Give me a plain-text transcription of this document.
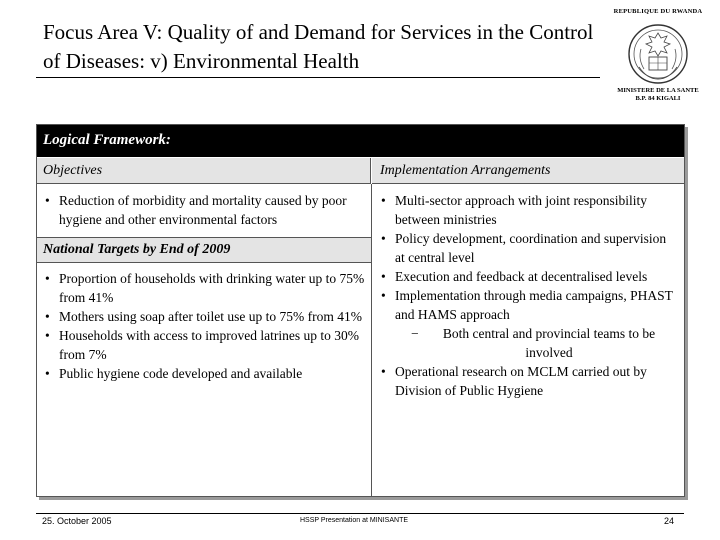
Focus Area V: Quality of and Demand for Services in the Control of Diseases: v) Environmental Health
REPUBLIQUE DU RWANDA
MINISTERE DE LA SANTE
B.P. 84 KIGALI
Logical Framework:
Objectives	Implementation Arrangements
• Reduction of morbidity and mortality caused by poor hygiene and other environmental factors
National Targets by End of 2009
• Proportion of households with drinking water up to 75% from 41%
• Mothers using soap after toilet use up to 75% from 41%
• Households with access to improved latrines up to 30% from 7%
• Public hygiene code developed and available
• Multi-sector approach with joint responsibility between ministries
• Policy development, coordination and supervision at central level
• Execution and feedback at decentralised levels
• Implementation through media campaigns, PHAST and HAMS approach
− Both central and provincial teams to be involved
• Operational research on MCLM carried out by Division of Public Hygiene
25. October 2005	HSSP Presentation at MINISANTE	24
